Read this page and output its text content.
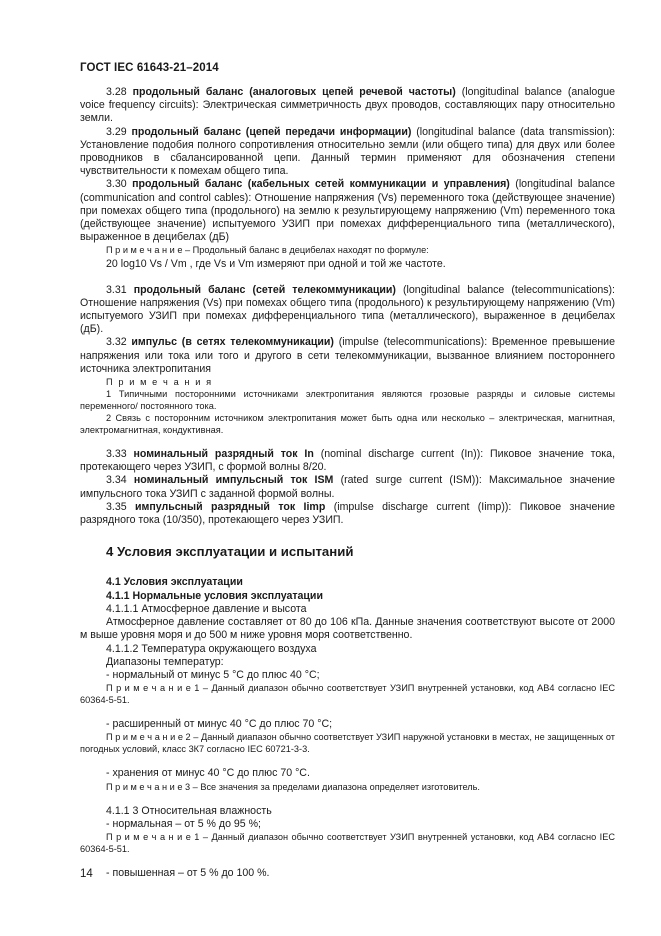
ГОСТ IEC 61643-21–2014

3.28 продольный баланс (аналоговых цепей речевой частоты) (longitudinal balance (analogue voice frequency circuits): Электрическая симметричность двух проводов, составляющих пару относительно земли.

3.29 продольный баланс (цепей передачи информации) (longitudinal balance (data transmission): Установление подобия полного сопротивления относительно земли (или общего типа) для двух или более проводников в сбалансированной цепи. Данный термин применяют для обозначения степени чувствительности к помехам общего типа.

3.30 продольный баланс (кабельных сетей коммуникации и управления) (longitudinal balance (communication and control cables): Отношение напряжения (Vs) переменного тока (действующее значение) при помехах общего типа (продольного) на землю к результирующему напряжению (Vm) переменного тока (действующее значение) испытуемого УЗИП при помехах дифференциального типа (металлического), выраженное в децибелах (дБ)

П р и м е ч а н и е – Продольный баланс в децибелах находят по формуле:

20 log10 Vs / Vm , где Vs и Vm измеряют при одной и той же частоте.

3.31 продольный баланс (сетей телекоммуникации) (longitudinal balance (telecommunications): Отношение напряжения (Vs) при помехах общего типа (продольного) к результирующему напряжению (Vm) испытуемого УЗИП при помехах дифференциального типа (металлического), выраженное в децибелах (дБ).

3.32 импульс (в сетях телекоммуникации) (impulse (telecommunications): Временное превышение напряжения или тока или того и другого в сети телекоммуникации, вызванное влиянием постороннего источника электропитания

П р и м е ч а н и я

1 Типичными посторонними источниками электропитания являются грозовые разряды и силовые системы переменного/ постоянного тока.

2 Связь с посторонним источником электропитания может быть одна или несколько – электрическая, магнитная, электромагнитная, кондуктивная.

3.33 номинальный разрядный ток In (nominal discharge current (In)): Пиковое значение тока, протекающего через УЗИП, с формой волны 8/20.

3.34 номинальный импульсный ток ISM (rated surge current (ISM)): Максимальное значение импульсного тока УЗИП с заданной формой волны.

3.35 импульсный разрядный ток Iimp (impulse discharge current (Iimp)): Пиковое значение разрядного тока (10/350), протекающего через УЗИП.

4 Условия эксплуатации и испытаний

4.1 Условия эксплуатации

4.1.1 Нормальные условия эксплуатации

4.1.1.1 Атмосферное давление и высота

Атмосферное давление составляет от 80 до 106 кПа. Данные значения соответствуют высоте от 2000 м выше уровня моря и до 500 м ниже уровня моря соответственно.

4.1.1.2 Температура окружающего воздуха

Диапазоны температур:

- нормальный от минус 5 °С до плюс 40 °С;

П р и м е ч а н и е 1 – Данный диапазон обычно соответствует УЗИП внутренней установки, код АВ4 согласно IEC 60364-5-51.

- расширенный от минус 40 °С до плюс 70 °С;

П р и м е ч а н и е 2 – Данный диапазон обычно соответствует УЗИП наружной установки в местах, не защищенных от погодных условий, класс 3К7 согласно IEC 60721-3-3.

- хранения от минус 40 °С до плюс 70 °С.

П р и м е ч а н и е 3 – Все значения за пределами диапазона определяет изготовитель.

4.1.1 3 Относительная влажность

- нормальная – от 5 % до 95 %;

П р и м е ч а н и е 1 – Данный диапазон обычно соответствует УЗИП внутренней установки, код АВ4 согласно IEC 60364-5-51.

- повышенная – от 5 % до 100 %.

14
